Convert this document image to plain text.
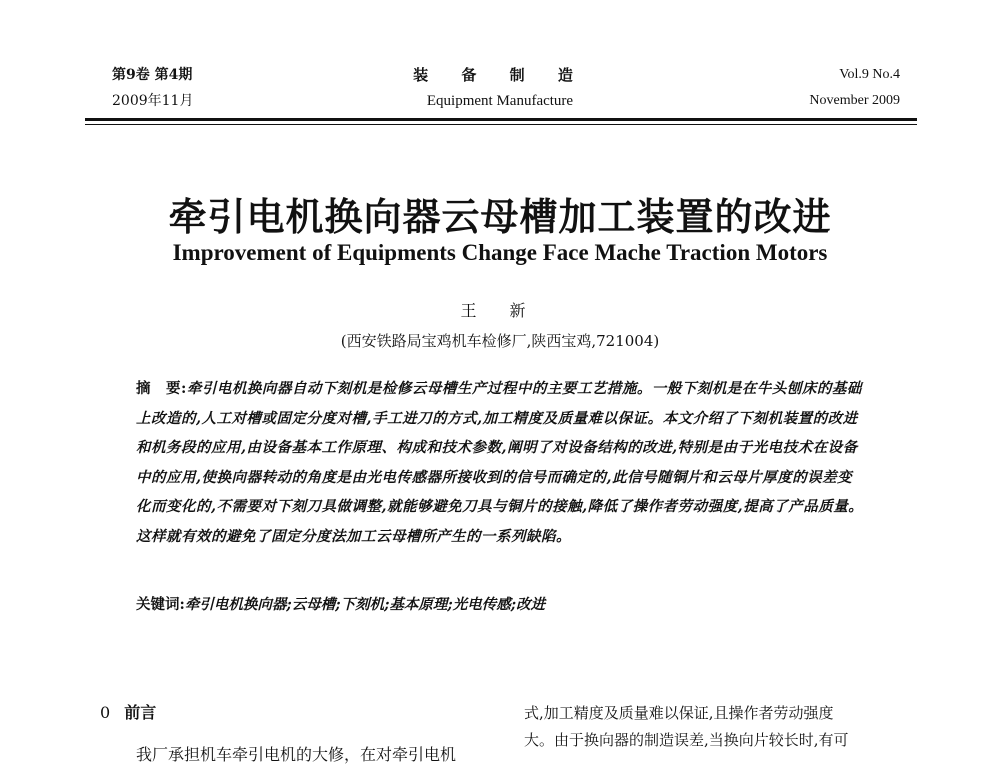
第9卷 第4期
2009年11月
装 备 制 造
Equipment Manufacture
Vol.9 No.4
November 2009
牵引电机换向器云母槽加工装置的改进
Improvement of Equipments Change Face Mache Traction Motors
王 新
(西安铁路局宝鸡机车检修厂,陕西宝鸡,721004)
摘　要:牵引电机换向器自动下刻机是检修云母槽生产过程中的主要工艺措施。一般下刻机是在牛头刨床的基础上改造的,人工对槽或固定分度对槽,手工进刀的方式,加工精度及质量难以保证。本文介绍了下刻机装置的改进和机务段的应用,由设备基本工作原理、构成和技术参数,阐明了对设备结构的改进,特别是由于光电技术在设备中的应用,使换向器转动的角度是由光电传感器所接收到的信号而确定的,此信号随铜片和云母片厚度的误差变化而变化的,不需要对下刻刀具做调整,就能够避免刀具与铜片的接触,降低了操作者劳动强度,提高了产品质量。这样就有效的避免了固定分度法加工云母槽所产生的一系列缺陷。
关键词:牵引电机换向器;云母槽;下刻机;基本原理;光电传感;改进
0 前言
我厂承担机车牵引电机的大修，在对牵引电机
式,加工精度及质量难以保证,且操作者劳动强度
大。由于换向器的制造误差,当换向片较长时,有可
